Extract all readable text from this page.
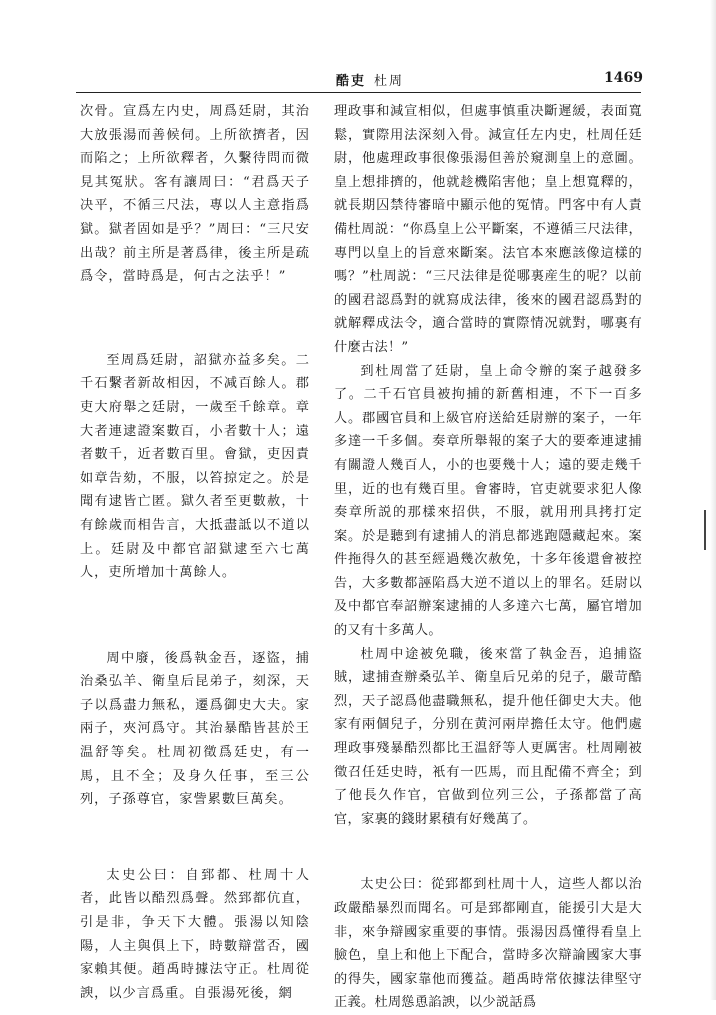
酷吏 杜周	1469

次骨。宣爲左内史，周爲廷尉，其治大放張湯而善候伺。上所欲擠者，因而陷之；上所欲釋者，久繫待問而微見其冤狀。客有讓周曰：“君爲天子决平，不循三尺法，專以人主意指爲獄。獄者固如是乎？”周曰：“三尺安出哉？前主所是著爲律，後主所是疏爲令，當時爲是，何古之法乎！”

至周爲廷尉，詔獄亦益多矣。二千石繫者新故相因，不减百餘人。郡吏大府舉之廷尉，一歲至千餘章。章大者連逮證案數百，小者數十人；遠者數千，近者數百里。會獄，吏因責如章告劾，不服，以笞掠定之。於是聞有逮皆亡匿。獄久者至更數赦，十有餘歲而相告言，大抵盡詆以不道以上。廷尉及中都官詔獄逮至六七萬人，吏所增加十萬餘人。

周中廢，後爲執金吾，逐盜，捕治桑弘羊、衛皇后昆弟子，刻深，天子以爲盡力無私，遷爲御史大夫。家兩子，夾河爲守。其治暴酷皆甚於王温舒等矣。杜周初徵爲廷史，有一馬，且不全；及身久任事，至三公列，子孫尊官，家訾累數巨萬矣。

太史公曰：自郅都、杜周十人者，此皆以酷烈爲聲。然郅都伉直，引是非，争天下大體。張湯以知陰陽，人主與俱上下，時數辯當否，國家賴其便。趙禹時據法守正。杜周從諛，以少言爲重。自張湯死後，網

理政事和減宣相似，但處事慎重决斷遲緩，表面寬鬆，實際用法深刻入骨。減宣任左内史，杜周任廷尉，他處理政事很像張湯但善於窺測皇上的意圖。皇上想排擠的，他就趁機陷害他；皇上想寬釋的，就長期囚禁待審暗中顯示他的冤情。門客中有人責備杜周説：“你爲皇上公平斷案，不遵循三尺法律，專門以皇上的旨意來斷案。法官本來應該像這樣的嗎？”杜周説：“三尺法律是從哪裏産生的呢？以前的國君認爲對的就寫成法律，後來的國君認爲對的就解釋成法令，適合當時的實際情况就對，哪裏有什麼古法！”

到杜周當了廷尉，皇上命令辦的案子越發多了。二千石官員被拘捕的新舊相連，不下一百多人。郡國官員和上級官府送給廷尉辦的案子，一年多達一千多個。奏章所舉報的案子大的要牽連逮捕有關證人幾百人，小的也要幾十人；遠的要走幾千里，近的也有幾百里。會審時，官吏就要求犯人像奏章所説的那樣來招供，不服，就用刑具拷打定案。於是聽到有逮捕人的消息都逃跑隱藏起來。案件拖得久的甚至經過幾次赦免，十多年後還會被控告，大多數都誣陷爲大逆不道以上的罪名。廷尉以及中都官奉詔辦案逮捕的人多達六七萬，屬官增加的又有十多萬人。

杜周中途被免職，後來當了執金吾，追捕盜賊，逮捕查辦桑弘羊、衛皇后兄弟的兒子，嚴苛酷烈，天子認爲他盡職無私，提升他任御史大夫。他家有兩個兒子，分别在黄河兩岸擔任太守。他們處理政事殘暴酷烈都比王温舒等人更厲害。杜周剛被徵召任廷史時，衹有一匹馬，而且配備不齊全；到了他長久作官，官做到位列三公，子孫都當了高官，家裏的錢財累積有好幾萬了。

太史公曰：從郅都到杜周十人，這些人都以治政嚴酷暴烈而聞名。可是郅都剛直，能援引大是大非，來争辯國家重要的事情。張湯因爲懂得看皇上臉色，皇上和他上下配合，當時多次辯論國家大事的得失，國家靠他而獲益。趙禹時常依據法律堅守正義。杜周慫恿諂諛，以少説話爲
